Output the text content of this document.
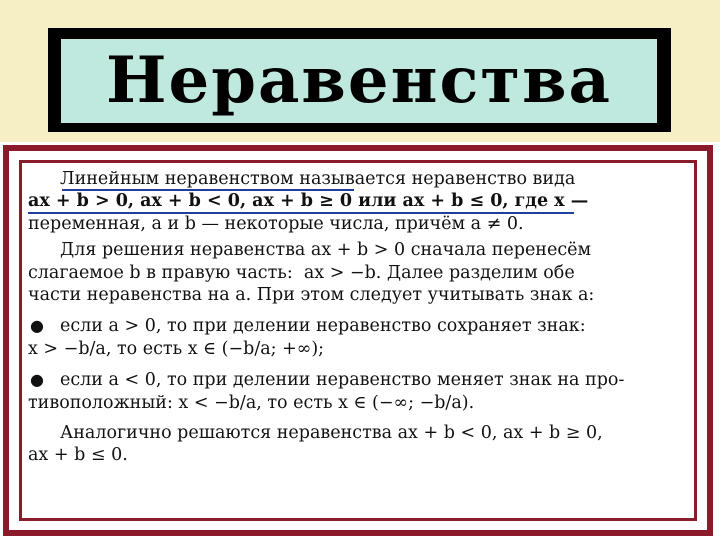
Неравенства
Линейным неравенством называется неравенство вида
ax + b > 0, ax + b < 0, ax + b ≥ 0 или ax + b ≤ 0, где x —
переменная, a и b — некоторые числа, причём a ≠ 0.
Для решения неравенства ax + b > 0 сначала перенесём
слагаемое b в правую часть:  ax > −b. Далее разделим обе
части неравенства на a. При этом следует учитывать знак a:
● если a > 0, то при делении неравенство сохраняет знак:
x > −b/a, то есть x ∈ (−b/a; +∞);
● если a < 0, то при делении неравенство меняет знак на про-
тивоположный: x < −b/a, то есть x ∈ (−∞; −b/a).
Аналогично решаются неравенства ax + b < 0, ax + b ≥ 0,
ax + b ≤ 0.
